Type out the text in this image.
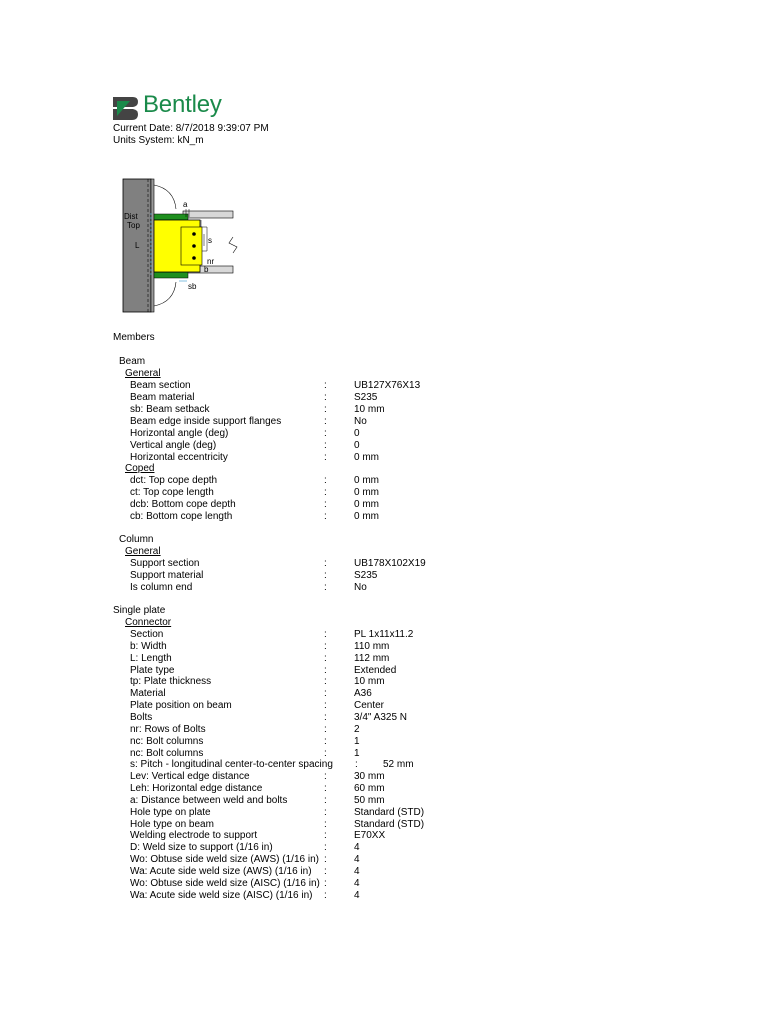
Bentley
Current Date: 8/7/2018 9:39:07 PM
Units System: kN_m
a
Dist
Top
L
s
nr
b
sb
Members
Beam
General
Beam section	:	UB127X76X13
Beam material	:	S235
sb: Beam setback	:	10 mm
Beam edge inside support flanges	:	No
Horizontal angle (deg)	:	0
Vertical angle (deg)	:	0
Horizontal eccentricity	:	0 mm
Coped
dct: Top cope depth	:	0 mm
ct: Top cope length	:	0 mm
dcb: Bottom cope depth	:	0 mm
cb: Bottom cope length	:	0 mm
Column
General
Support section	:	UB178X102X19
Support material	:	S235
Is column end	:	No
Single plate
Connector
Section	:	PL 1x11x11.2
b: Width	:	110 mm
L: Length	:	112 mm
Plate type	:	Extended
tp: Plate thickness	:	10 mm
Material	:	A36
Plate position on beam	:	Center
Bolts	:	3/4" A325 N
nr: Rows of Bolts	:	2
nc: Bolt columns	:	1
nc: Bolt columns	:	1
s: Pitch - longitudinal center-to-center spacing :	52 mm
Lev: Vertical edge distance	:	30 mm
Leh: Horizontal edge distance	:	60 mm
a: Distance between weld and bolts	:	50 mm
Hole type on plate	:	Standard (STD)
Hole type on beam	:	Standard (STD)
Welding electrode to support	:	E70XX
D: Weld size to support (1/16 in)	:	4
Wo: Obtuse side weld size (AWS) (1/16 in) :	4
Wa: Acute side weld size (AWS) (1/16 in) :	4
Wo: Obtuse side weld size (AISC) (1/16 in) :	4
Wa: Acute side weld size (AISC) (1/16 in) :	4
